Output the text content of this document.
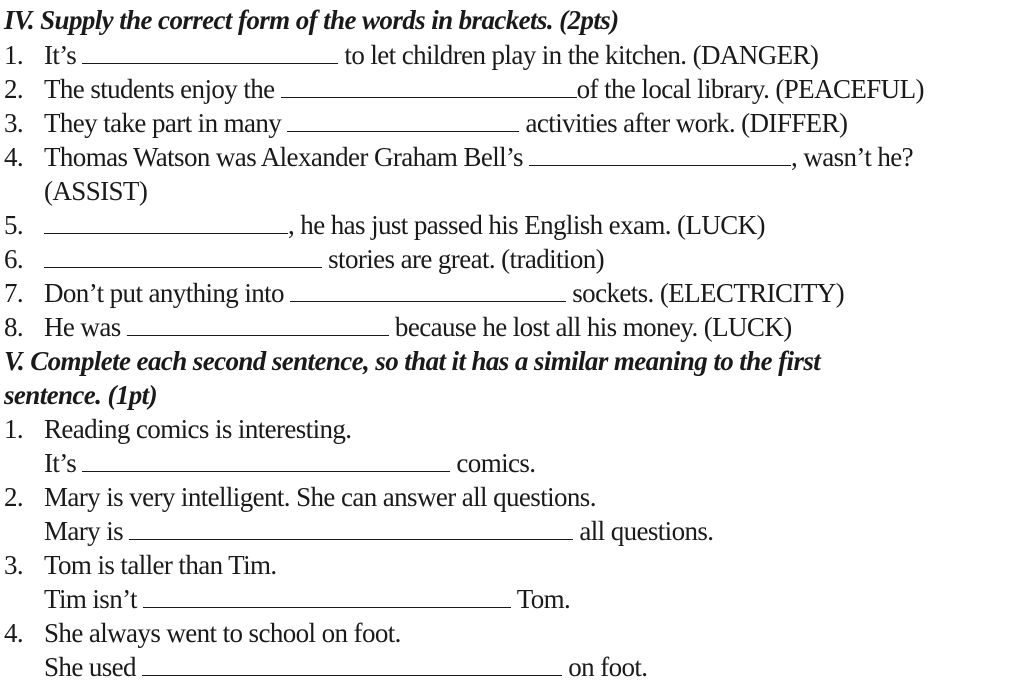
IV. Supply the correct form of the words in brackets. (2pts)
1. It’s	to let children play in the kitchen. (DANGER)
2. The students enjoy the	of the local library. (PEACEFUL)
3. They take part in many	activities after work. (DIFFER)
4. Thomas Watson was Alexander Graham Bell’s	, wasn’t he?
(ASSIST)
5.	, he has just passed his English exam. (LUCK)
6.	stories are great. (tradition)
7. Don’t put anything into	sockets. (ELECTRICITY)
8. He was	because he lost all his money. (LUCK)
V. Complete each second sentence, so that it has a similar meaning to the first
sentence. (1pt)
1. Reading comics is interesting.
It’s	comics.
2. Mary is very intelligent. She can answer all questions.
Mary is	all questions.
3. Tom is taller than Tim.
Tim isn’t	Tom.
4. She always went to school on foot.
She used	on foot.
